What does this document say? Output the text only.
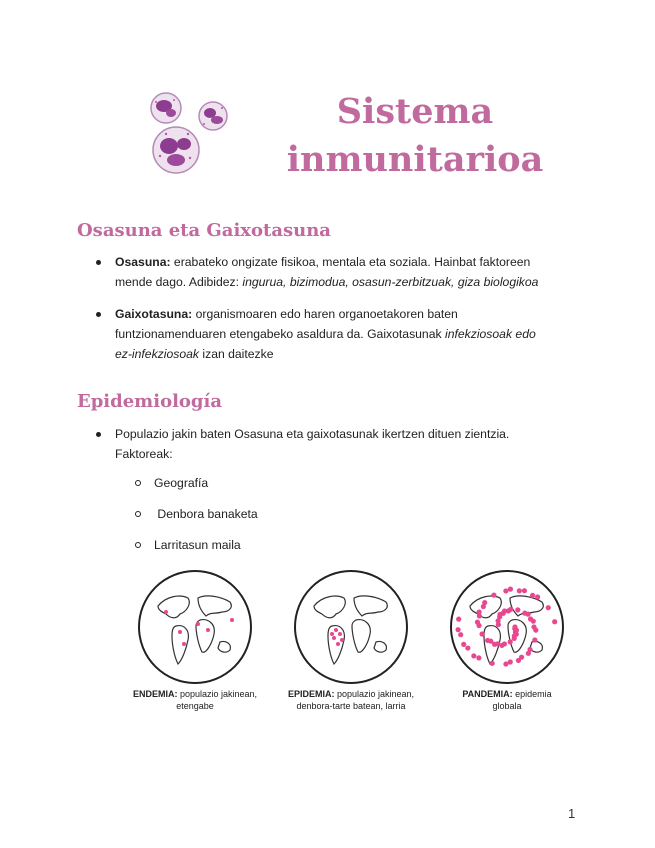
Sistema
inmunitarioa
Osasuna eta Gaixotasuna
Osasuna: erabateko ongizate fisikoa, mentala eta soziala. Hainbat faktoreen mende dago. Adibidez: ingurua, bizimodua, osasun-zerbitzuak, giza biologikoa
Gaixotasuna: organismoaren edo haren organoetakoren baten funtzionamenduaren etengabeko asaldura da. Gaixotasunak infekziosoak edo ez-infekziosoak izan daitezke
Epidemiología
Populazio jakin baten Osasuna eta gaixotasunak ikertzen dituen zientzia. Faktoreak:
Geografía
Denbora banaketa
Larritasun maila
ENDEMIA: populazio jakinean,
etengabe
EPIDEMIA: populazio jakinean,
denbora-tarte batean, larria
PANDEMIA: epidemia
globala
1
